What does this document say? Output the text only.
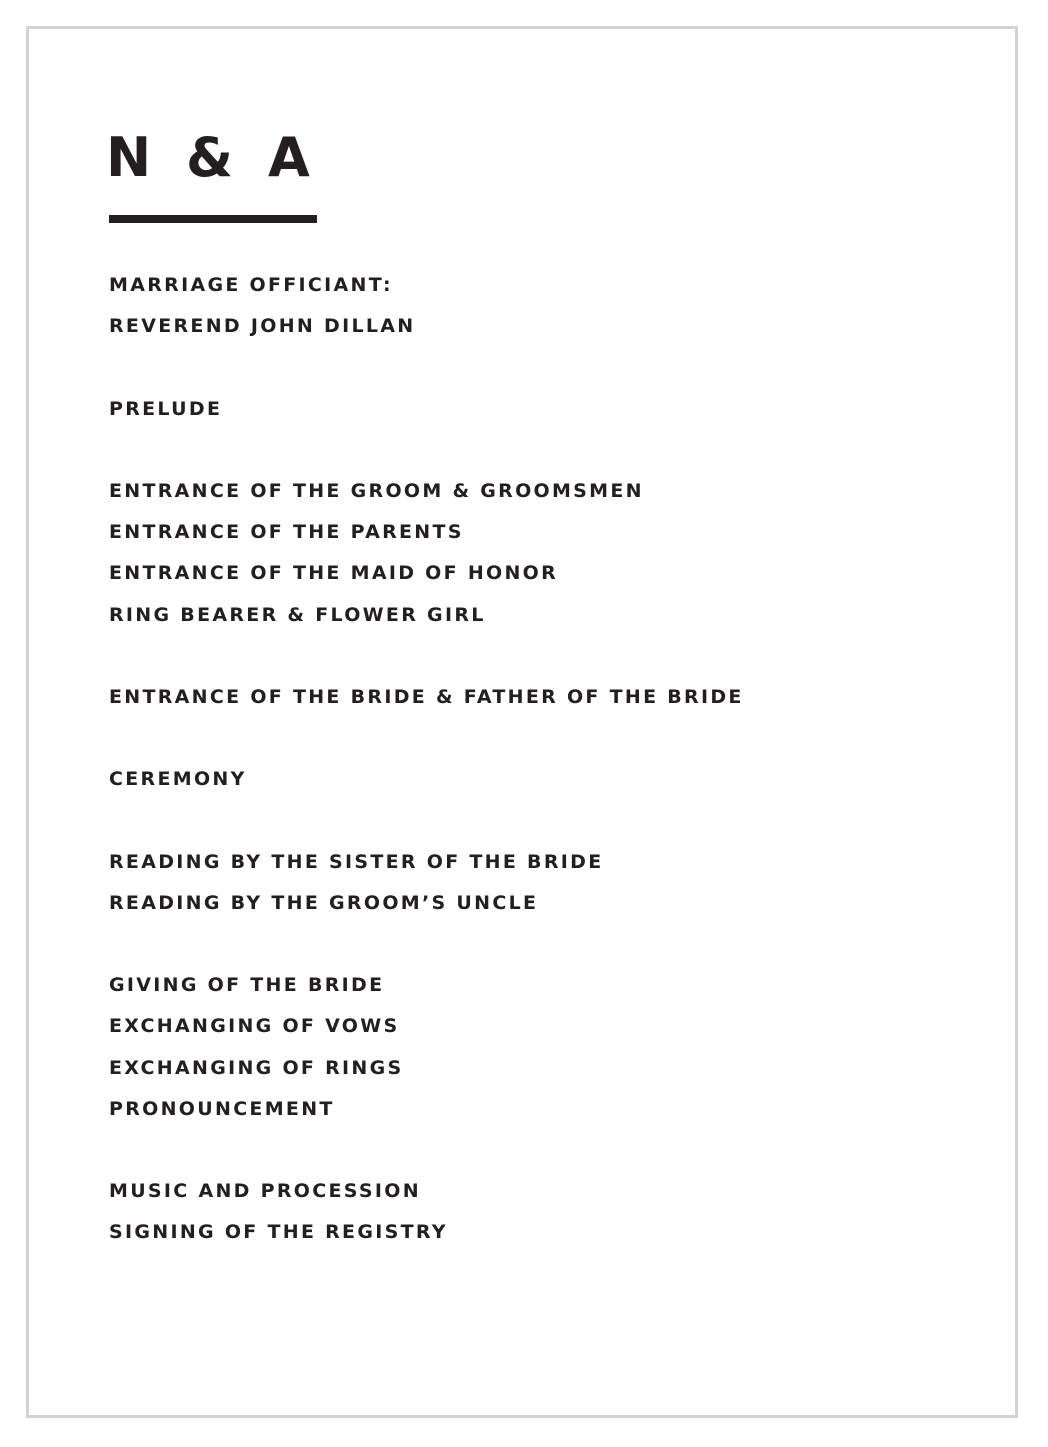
N & A
MARRIAGE OFFICIANT:
REVEREND JOHN DILLAN
PRELUDE
ENTRANCE OF THE GROOM & GROOMSMEN
ENTRANCE OF THE PARENTS
ENTRANCE OF THE MAID OF HONOR
RING BEARER & FLOWER GIRL
ENTRANCE OF THE BRIDE & FATHER OF THE BRIDE
CEREMONY
READING BY THE SISTER OF THE BRIDE
READING BY THE GROOM’S UNCLE
GIVING OF THE BRIDE
EXCHANGING OF VOWS
EXCHANGING OF RINGS
PRONOUNCEMENT
MUSIC AND PROCESSION
SIGNING OF THE REGISTRY
